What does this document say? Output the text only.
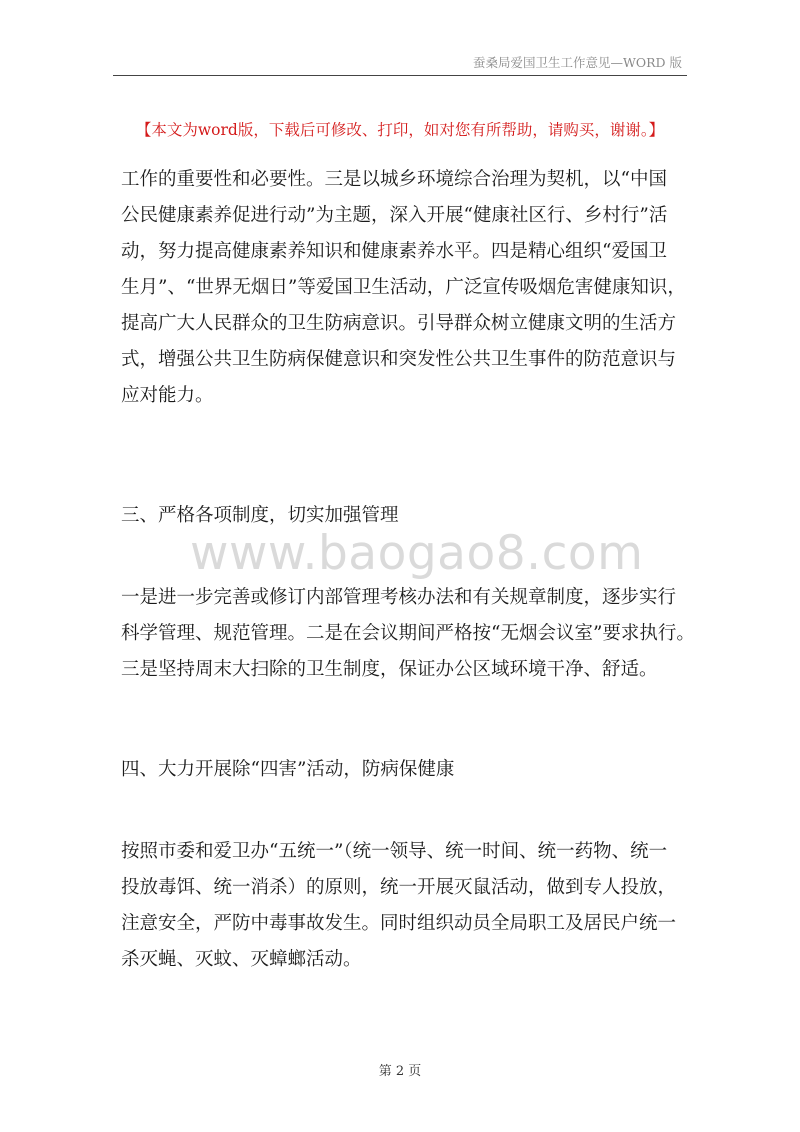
蚕桑局爱国卫生工作意见—WORD 版
【本文为word版，下载后可修改、打印，如对您有所帮助，请购买，谢谢。】

工作的重要性和必要性。三是以城乡环境综合治理为契机，以“中国
公民健康素养促进行动”为主题，深入开展“健康社区行、乡村行”活
动，努力提高健康素养知识和健康素养水平。四是精心组织“爱国卫
生月”、“世界无烟日”等爱国卫生活动，广泛宣传吸烟危害健康知识，
提高广大人民群众的卫生防病意识。引导群众树立健康文明的生活方
式，增强公共卫生防病保健意识和突发性公共卫生事件的防范意识与
应对能力。

三、严格各项制度，切实加强管理
www.baogao8.com

一是进一步完善或修订内部管理考核办法和有关规章制度，逐步实行
科学管理、规范管理。二是在会议期间严格按“无烟会议室”要求执行。
三是坚持周末大扫除的卫生制度，保证办公区域环境干净、舒适。

四、大力开展除“四害”活动，防病保健康

按照市委和爱卫办“五统一”（统一领导、统一时间、统一药物、统一
投放毒饵、统一消杀）的原则，统一开展灭鼠活动，做到专人投放，
注意安全，严防中毒事故发生。同时组织动员全局职工及居民户统一
杀灭蝇、灭蚊、灭蟑螂活动。

第 2 页
